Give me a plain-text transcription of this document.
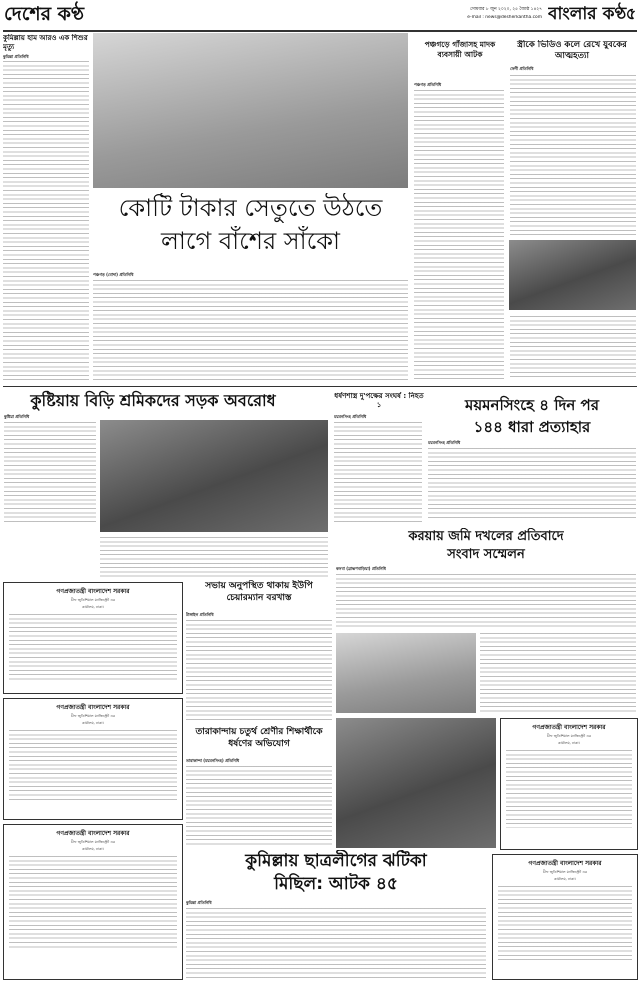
দেশের কণ্ঠ	সোমবার ৮ জুন ২০২০, ২৫ জ্যৈষ্ঠ ১৪২৭
e-mail : news@desherkantha.com বাংলার কণ্ঠ ৫
কুমিল্লায় হাম আরও এক শিশুর মৃত্যু
কুমিল্লা প্রতিনিধি
পঞ্চগড়ে গাঁজাসহ মাদক ব্যবসায়ী আটক
পঞ্চগড় প্রতিনিধি
স্ত্রীকে ভিডিও কলে রেখে যুবকের আত্মহত্যা
ফেনী প্রতিনিধি
কোটি টাকার সেতুতে উঠতে
লাগে বাঁশের সাঁকো
পঞ্চগড় (বোদা) প্রতিনিধি
কুষ্টিয়ায় বিড়ি শ্রমিকদের সড়ক অবরোধ
কুষ্টিয়া প্রতিনিধি
ধর্ষণশাস্ত্র দু'পক্ষের সংঘর্ষ : নিহত ১
ময়মনসিংহ প্রতিনিধি
ময়মনসিংহে ৪ দিন পর
১৪৪ ধারা প্রত্যাহার
ময়মনসিংহ প্রতিনিধি
গণপ্রজাতন্ত্রী বাংলাদেশ সরকার
চীফ জুডিশিয়াল ম্যাজিস্ট্রেট এর
কার্যালয়, ঢাকা।
গণপ্রজাতন্ত্রী বাংলাদেশ সরকার
চীফ জুডিশিয়াল ম্যাজিস্ট্রেট এর
কার্যালয়, ঢাকা।
গণপ্রজাতন্ত্রী বাংলাদেশ সরকার
চীফ জুডিশিয়াল ম্যাজিস্ট্রেট এর
কার্যালয়, ঢাকা।
সভায় অনুপস্থিত থাকায় ইউপি চেয়ারম্যান বরখাস্ত
টাঙ্গাইল প্রতিনিধি
করয়ায় জমি দখলের প্রতিবাদে
সংবাদ সম্মেলন
কসবা (ব্রাহ্মণবাড়িয়া) প্রতিনিধি
তারাকান্দায় চতুর্থ শ্রেণীর শিক্ষার্থীকে ধর্ষণের অভিযোগ
তারাকান্দা (ময়মনসিংহ) প্রতিনিধি
গণপ্রজাতন্ত্রী বাংলাদেশ সরকার
চীফ জুডিশিয়াল ম্যাজিস্ট্রেট এর
কার্যালয়, ঢাকা।
কুমিল্লায় ছাত্রলীগের ঝটিকা
মিছিল: আটক ৪৫
কুমিল্লা প্রতিনিধি
গণপ্রজাতন্ত্রী বাংলাদেশ সরকার
চীফ জুডিশিয়াল ম্যাজিস্ট্রেট এর
কার্যালয়, ঢাকা।
